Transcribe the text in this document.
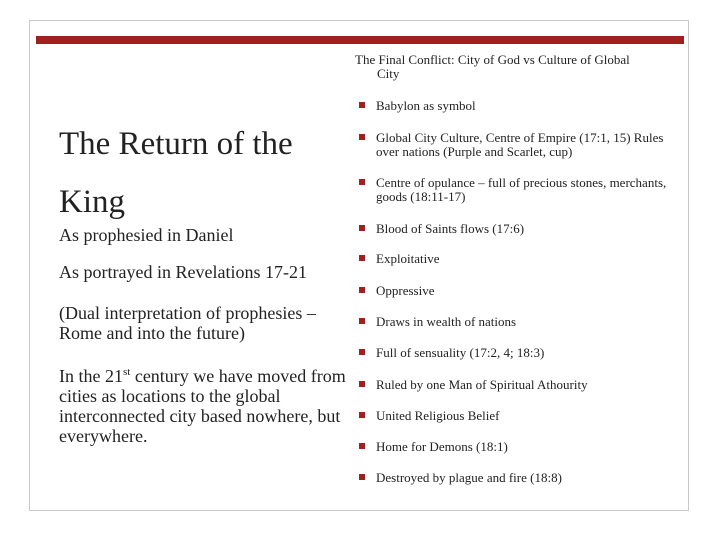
The Return of the King

As prophesied in Daniel

As portrayed in Revelations 17-21

(Dual interpretation of prophesies – Rome and into the future)

In the 21st century we have moved from cities as locations to the global interconnected city based nowhere, but everywhere.

The Final Conflict: City of God vs Culture of Global
City
Babylon as symbol
Global City Culture, Centre of Empire (17:1, 15) Rules over nations (Purple and Scarlet, cup)
Centre of opulance – full of precious stones, merchants, goods (18:11-17)
Blood of Saints flows (17:6)
Exploitative
Oppressive
Draws in wealth of nations
Full of sensuality (17:2, 4; 18:3)
Ruled by one Man of Spiritual Athourity
United Religious Belief
Home for Demons (18:1)
Destroyed by plague and fire (18:8)
